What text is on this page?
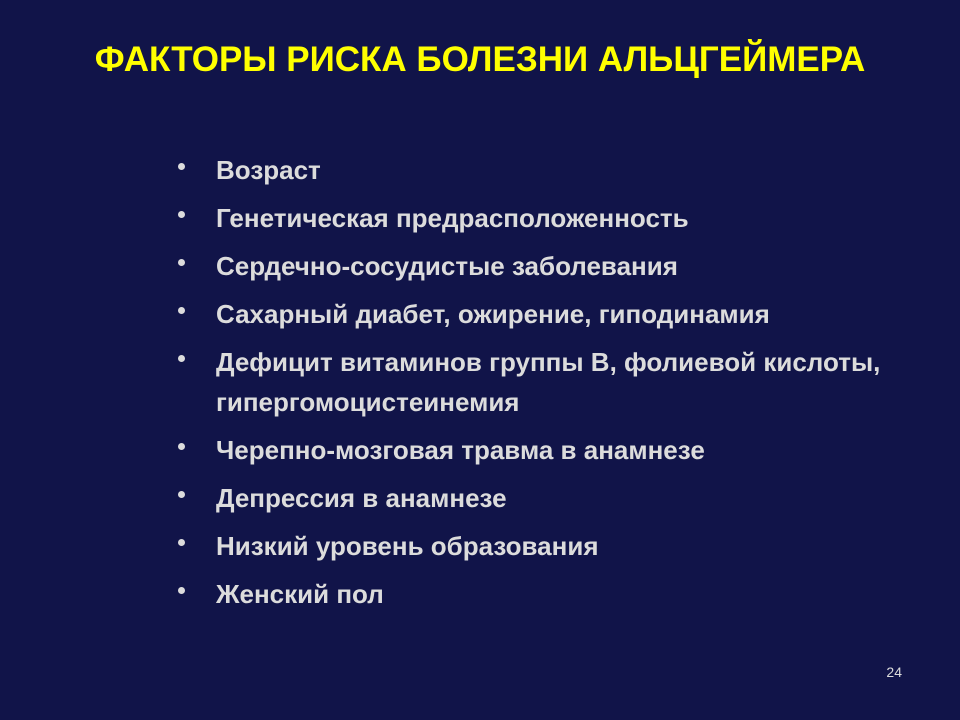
ФАКТОРЫ РИСКА БОЛЕЗНИ АЛЬЦГЕЙМЕРА
Возраст
Генетическая предрасположенность
Сердечно-сосудистые заболевания
Сахарный диабет, ожирение, гиподинамия
Дефицит витаминов группы В, фолиевой кислоты, гипергомоцистеинемия
Черепно-мозговая травма в анамнезе
Депрессия в анамнезе
Низкий уровень образования
Женский пол
24
